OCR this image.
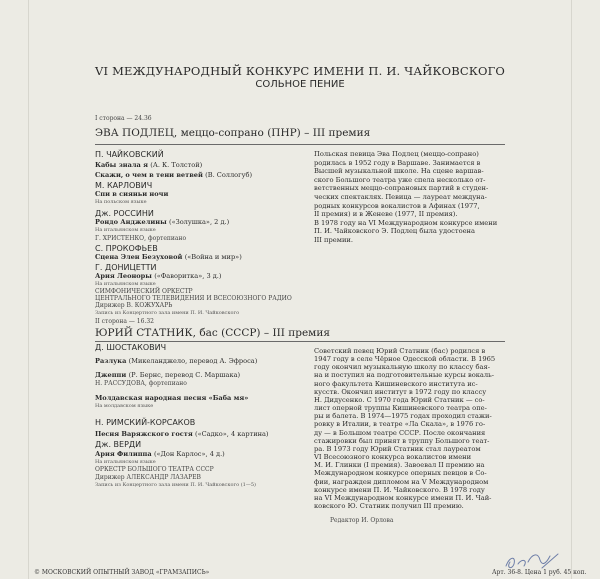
VI МЕЖДУНАРОДНЫЙ КОНКУРС ИМЕНИ П. И. ЧАЙКОВСКОГО
СОЛЬНОЕ ПЕНИЕ
I сторона — 24.36
ЭВА ПОДЛЕЦ, меццо-сопрано (ПНР) – III премия
П. ЧАЙКОВСКИЙ
Кабы знала я (А. К. Толстой)
Скажи, о чем в тени ветвей (В. Соллогуб)
М. КАРЛОВИЧ
Спи в сияньи ночи
На польском языке
Дж. РОССИНИ
Рондо Анджелины («Золушка», 2 д.)
На итальянском языке
Г. ХРИСТЕНКО, фортепиано
С. ПРОКОФЬЕВ
Сцена Элен Безуховой («Война и мир»)
Г. ДОНИЦЕТТИ
Ария Леоноры («Фаворитка», 3 д.)
На итальянском языке
СИМФОНИЧЕСКИЙ ОРКЕСТР
ЦЕНТРАЛЬНОГО ТЕЛЕВИДЕНИЯ И ВСЕСОЮЗНОГО РАДИО
Дирижер В. КОЖУХАРЬ
Запись из Концертного зала имени П. И. Чайковского
Польская певица Эва Подлец (меццо-сопрано)
родилась в 1952 году в Варшаве. Занимается в
Высшей музыкальной школе. На сцене варшав-
ского Большого театра уже спела несколько от-
ветственных меццо-сопрановых партий в студен-
ческих спектаклях. Певица — лауреат междуна-
родных конкурсов вокалистов в Афинах (1977,
II премия) и в Женеве (1977, II премия).
В 1978 году на VI Международном конкурсе имени
П. И. Чайковского Э. Подлец была удостоена
III премии.
II сторона — 16.32
ЮРИЙ СТАТНИК, бас (СССР) – III премия
Д. ШОСТАКОВИЧ
Разлука (Микеланджело, перевод А. Эфроса)
Джеппи (Р. Бернс, перевод С. Маршака)
Н. РАССУДОВА, фортепиано
Молдавская народная песня «Баба мя»
На молдавском языке
Н. РИМСКИЙ-КОРСАКОВ
Песня Варяжского гостя («Садко», 4 картина)
Дж. ВЕРДИ
Ария Филиппа («Дон Карлос», 4 д.)
На итальянском языке
ОРКЕСТР БОЛЬШОГО ТЕАТРА СССР
Дирижер АЛЕКСАНДР ЛАЗАРЕВ
Запись из Концертного зала имени П. И. Чайковского (1—5)
Советский певец Юрий Статник (бас) родился в
1947 году в селе Чёрное Одесской области. В 1965
году окончил музыкальную школу по классу бая-
на и поступил на подготовительные курсы вокаль-
ного факультета Кишиневского института ис-
кусств. Окончил институт в 1972 году по классу
Н. Дидусенко. С 1970 года Юрий Статник — со-
лист оперной труппы Кишиневского театра опе-
ры и балета. В 1974—1975 годах проходил стажи-
ровку в Италии, в театре «Ла Скала», в 1976 го-
ду — в Большом театре СССР. После окончания
стажировки был принят в труппу Большого теат-
ра. В 1973 году Юрий Статник стал лауреатом
VI Всесоюзного конкурса вокалистов имени
М. И. Глинки (I премия). Завоевал II премию на
Международном конкурсе оперных певцов в Со-
фии, награжден дипломом на V Международном
конкурсе имени П. И. Чайковского. В 1978 году
на VI Международном конкурсе имени П. И. Чай-
ковского Ю. Статник получил III премию.
Редактор И. Орлова
© МОСКОВСКИЙ ОПЫТНЫЙ ЗАВОД «ГРАМЗАПИСЬ»	Арт. 36-8. Цена 1 руб. 45 коп.
